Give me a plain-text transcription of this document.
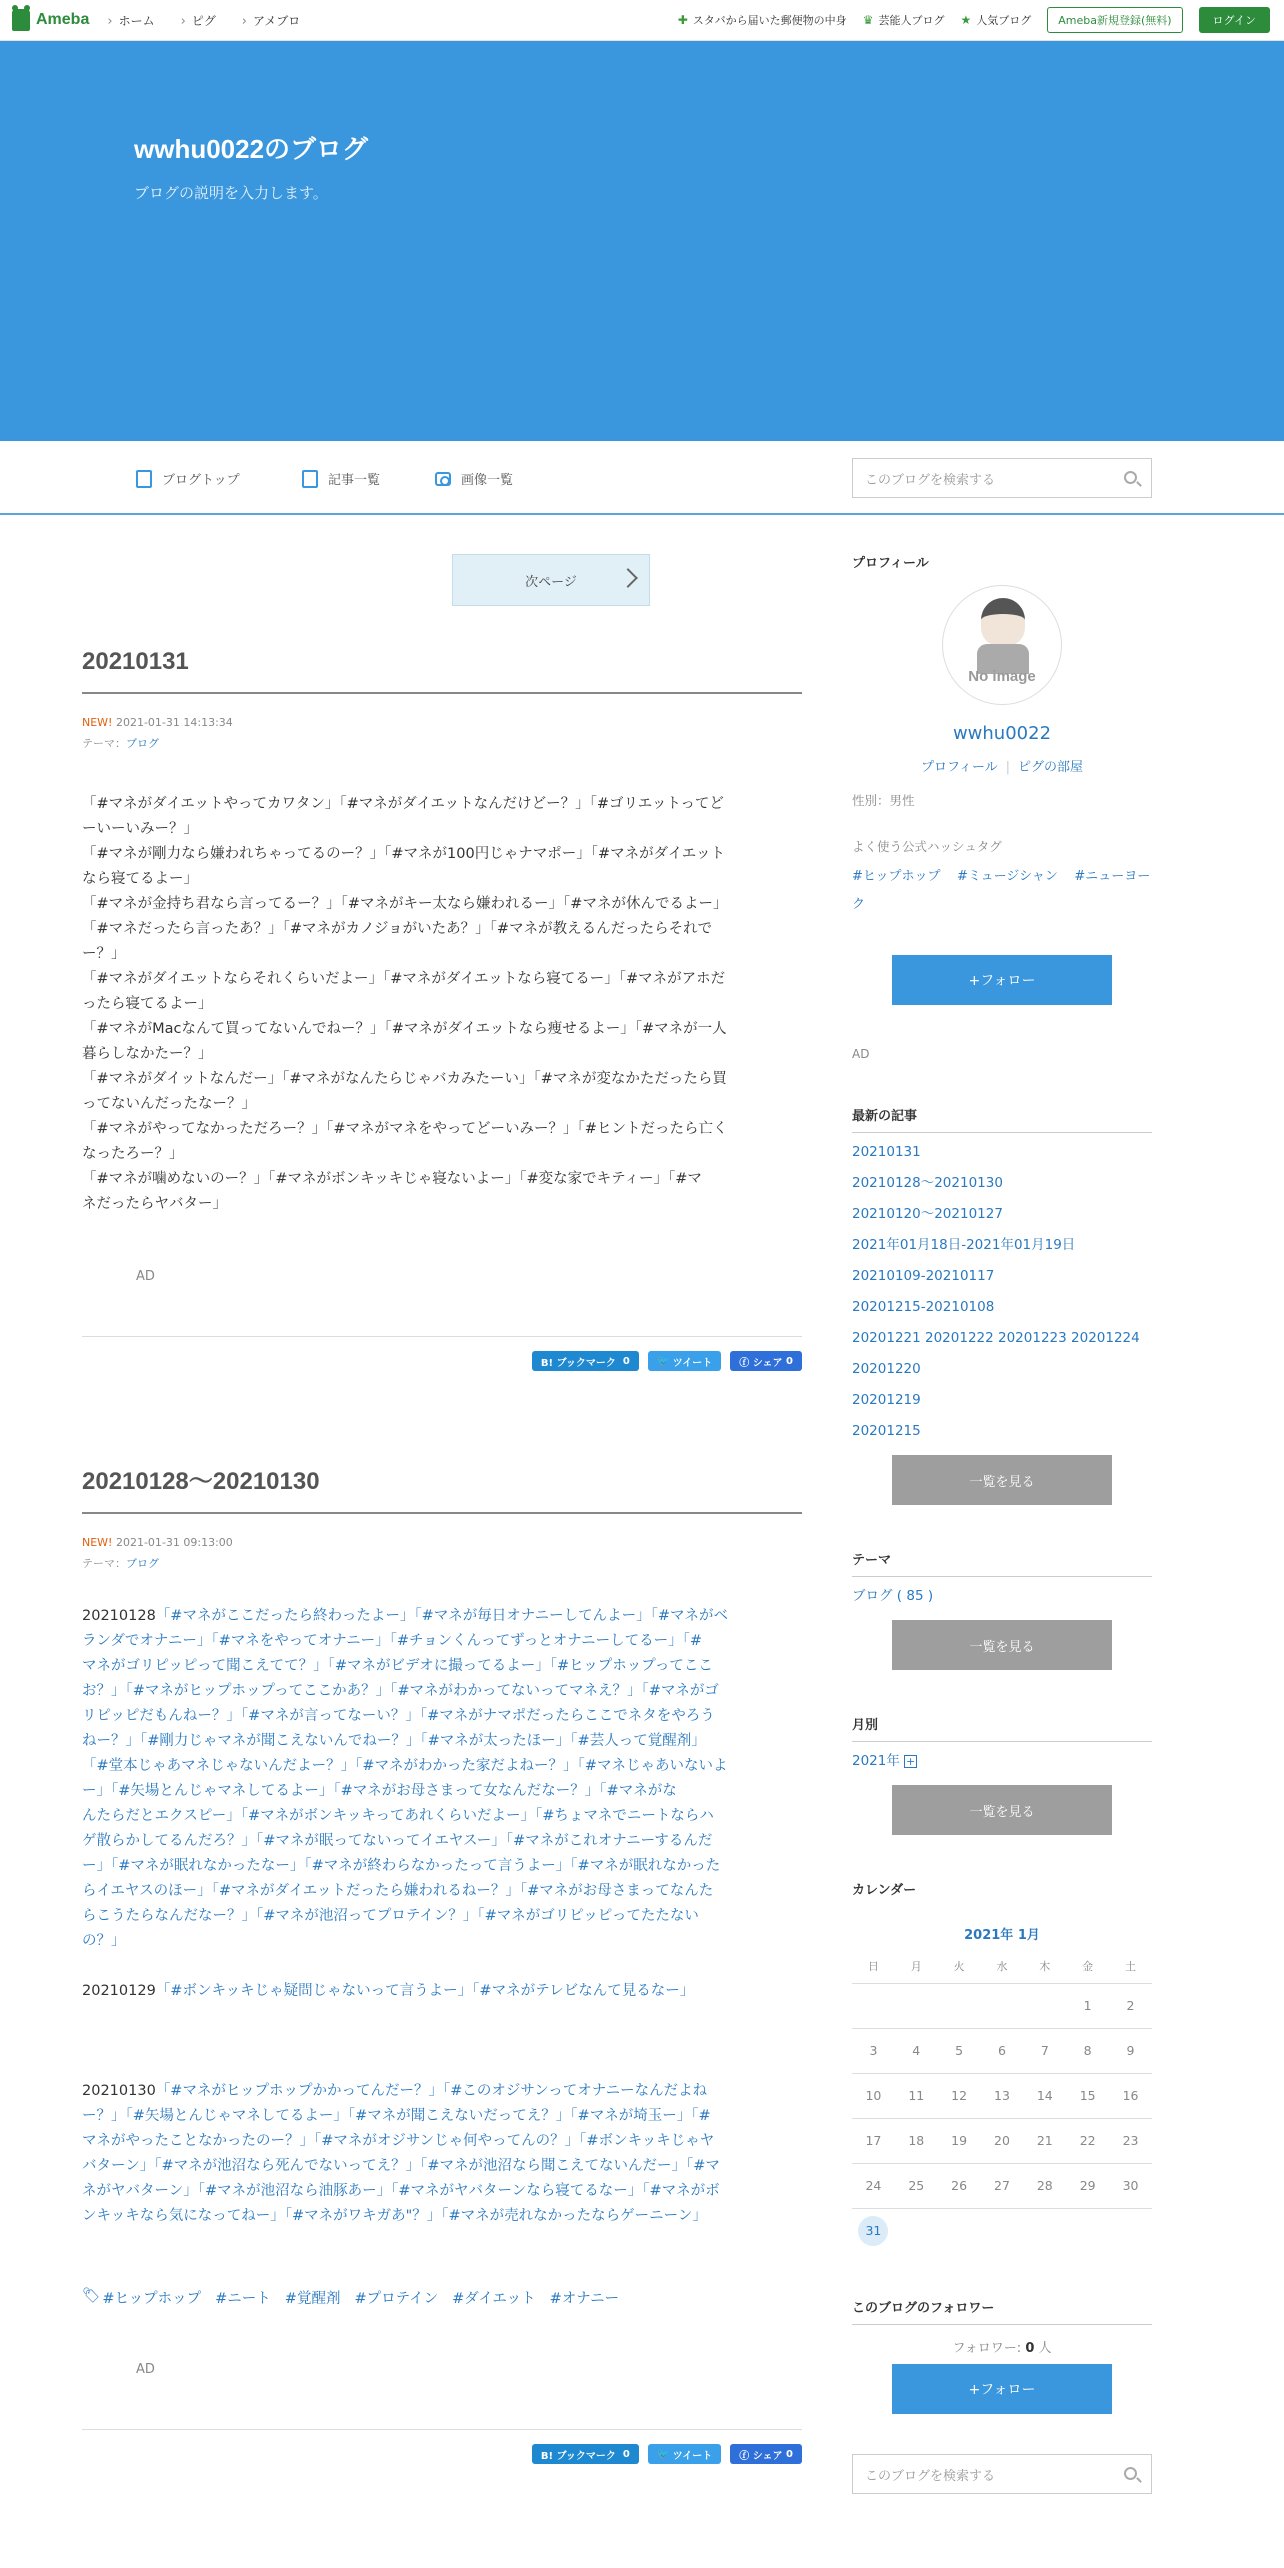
Ameba	› ホーム	› ピグ	› アメブロ	✚ スタバから届いた郵便物の中身 ♛ 芸能人ブログ ★ 人気ブログ	Ameba新規登録(無料)	ログイン
wwhu0022のブログ

ブログの説明を入力します。

ブログトップ	記事一覧	画像一覧	このブログを検索する
次ページ
20210131
NEW! 2021-01-31 14:13:34
テーマ：ブログ
「#マネがダイエットやってカワタン」「#マネがダイエットなんだけどー？」「#ゴリエットってど
ーいーいみー？」
「#マネが剛力なら嫌われちゃってるのー？」「#マネが100円じゃナマポー」「#マネがダイエット
なら寝てるよー」
「#マネが金持ち君なら言ってるー？」「#マネがキー太なら嫌われるー」「#マネが休んでるよー」
「#マネだったら言ったあ？」「#マネがカノジョがいたあ？」「#マネが教えるんだったらそれで
ー？」
「#マネがダイエットならそれくらいだよー」「#マネがダイエットなら寝てるー」「#マネがアホだ
ったら寝てるよー」
「#マネがMacなんて買ってないんでねー？」「#マネがダイエットなら痩せるよー」「#マネが一人
暮らしなかたー？」
「#マネがダイットなんだー」「#マネがなんたらじゃバカみたーい」「#マネが変なかただったら買
ってないんだったなー？」
「#マネがやってなかっただろー？」「#マネがマネをやってどーいみー？」「#ヒントだったら亡く
なったろー？」
「#マネが噛めないのー？」「#マネがボンキッキじゃ寝ないよー」「#変な家でキティー」「#マ
ネだったらヤバター」
AD
B! ブックマーク
0	🐦
ツイート	ⓕ
シェア
0
20210128～20210130
NEW! 2021-01-31 09:13:00
テーマ：ブログ
20210128「#マネがここだったら終わったよー」「#マネが毎日オナニーしてんよー」「#マネがベ
ランダでオナニー」「#マネをやってオナニー」「#チョンくんってずっとオナニーしてるー」「#
マネがゴリピッピって聞こえてて？」「#マネがビデオに撮ってるよー」「#ヒップホップってここ
お？」「#マネがヒップホップってここかあ？」「#マネがわかってないってマネえ？」「#マネがゴ
リピッピだもんねー？」「#マネが言ってなーい？」「#マネがナマポだったらここでネタをやろう
ねー？」「#剛力じゃマネが聞こえないんでねー？」「#マネが太ったほー」「#芸人って覚醒剤」
「#堂本じゃあマネじゃないんだよー？」「#マネがわかった家だよねー？」「#マネじゃあいないよ
ー」「#矢場とんじゃマネしてるよー」「#マネがお母さまって女なんだなー？」「#マネがな
んたらだとエクスピー」「#マネがボンキッキってあれくらいだよー」「#ちょマネでニートならハ
ゲ散らかしてるんだろ？」「#マネが眠ってないってイエヤスー」「#マネがこれオナニーするんだ
ー」「#マネが眠れなかったなー」「#マネが終わらなかったって言うよー」「#マネが眠れなかった
らイエヤスのほー」「#マネがダイエットだったら嫌われるねー？」「#マネがお母さまってなんた
らこうたらなんだなー？」「#マネが池沼ってプロテイン？」「#マネがゴリピッピってたたない
の？」
20210129「#ボンキッキじゃ疑問じゃないって言うよー」「#マネがテレビなんて見るなー」
20210130「#マネがヒップホップかかってんだー？」「#このオジサンってオナニーなんだよね
ー？」「#矢場とんじゃマネしてるよー」「#マネが聞こえないだってえ？」「#マネが埼玉ー」「#
マネがやったことなかったのー？」「#マネがオジサンじゃ何やってんの？」「#ボンキッキじゃヤ
バターン」「#マネが池沼なら死んでないってえ？」「#マネが池沼なら聞こえてないんだー」「#マ
ネがヤバターン」「#マネが池沼なら油豚あー」「#マネがヤバターンなら寝てるなー」「#マネがボ
ンキッキなら気になってねー」「#マネがワキガあ"？」「#マネが売れなかったならゲーニーン」
🏷 #ヒップホップ #ニート #覚醒剤 #プロテイン #ダイエット #オナニー
AD
B! ブックマーク
0	🐦
ツイート	ⓕ
シェア
0
プロフィール
No image
wwhu0022
プロフィール | ピグの部屋
性別：男性
よく使う公式ハッシュタグ
#ヒップホップ #ミュージシャン #ニューヨーク
+フォロー
AD
最新の記事
20210131
20210128～20210130
20210120～20210127
2021年01月18日-2021年01月19日
20210109-20210117
20201215-20210108
20201221 20201222 20201223 20201224
20201220
20201219
20201215
一覧を見る
テーマ
ブログ ( 85 )
一覧を見る
月別
2021年 +
一覧を見る
カレンダー
2021年 1月
日	月	火	水	木	金	土
					1	2
3	4	5	6	7	8	9
10	11	12	13	14	15	16
17	18	19	20	21	22	23
24	25	26	27	28	29	30
31						
このブログのフォロワー
フォロワー: 0 人
+フォロー
このブログを検索する
